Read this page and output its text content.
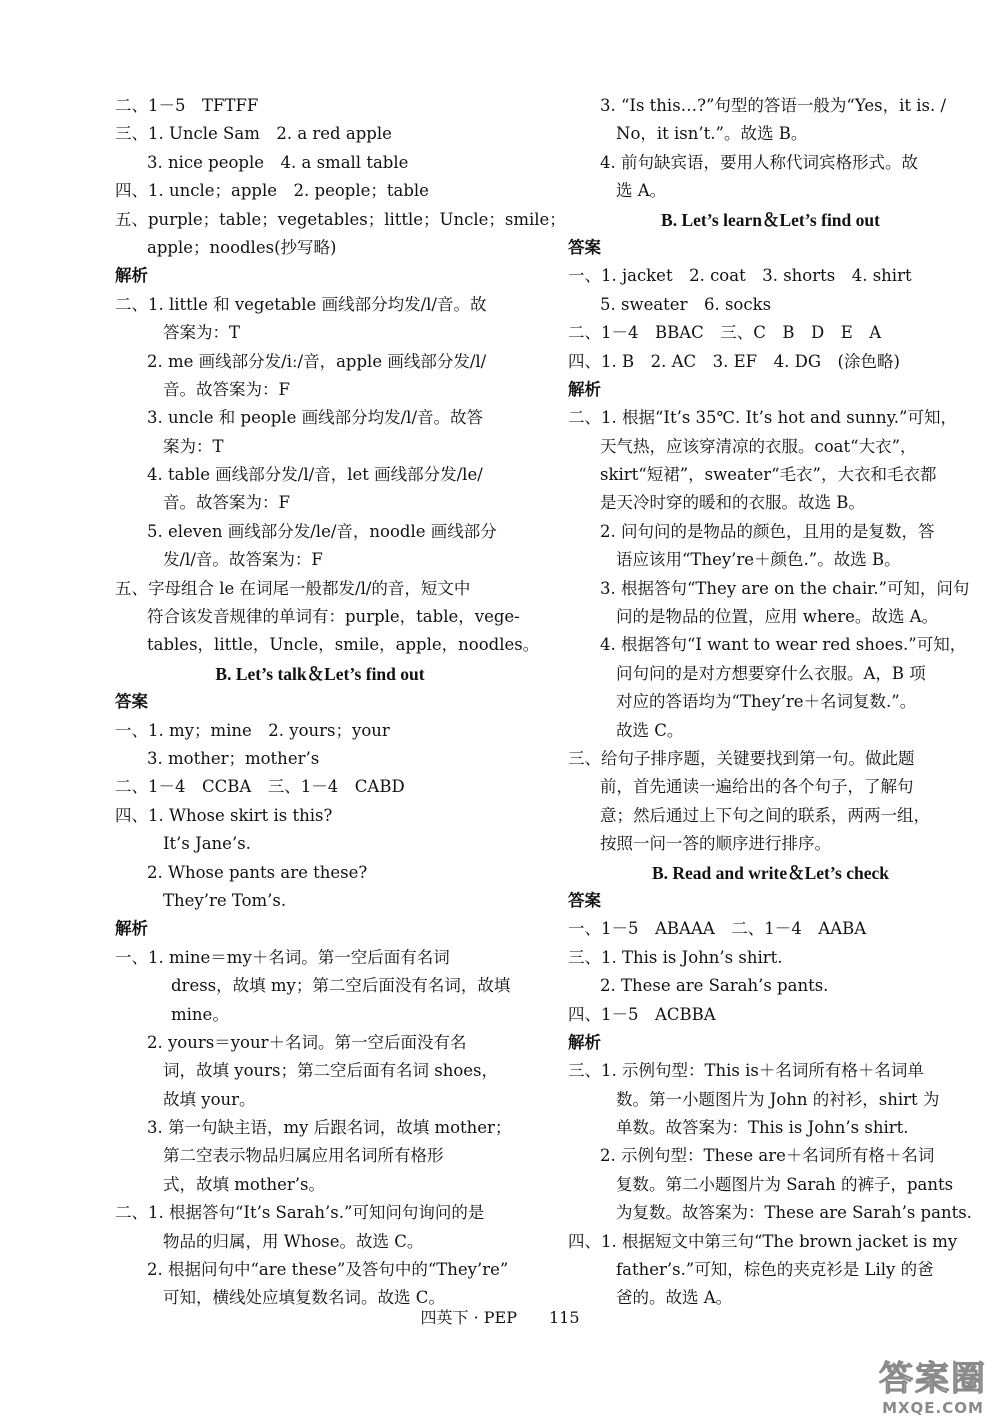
二、1－5　TFTFF
三、1. Uncle Sam　2. a red apple
3. nice people　4. a small table
四、1. uncle；apple　2. people；table
五、purple；table；vegetables；little；Uncle；smile；
apple；noodles(抄写略)
解析
二、1. little 和 vegetable 画线部分均发/l/音。故
答案为：T
2. me 画线部分发/iː/音，apple 画线部分发/l/
音。故答案为：F
3. uncle 和 people 画线部分均发/l/音。故答
案为：T
4. table 画线部分发/l/音，let 画线部分发/le/
音。故答案为：F
5. eleven 画线部分发/le/音，noodle 画线部分
发/l/音。故答案为：F
五、字母组合 le 在词尾一般都发/l/的音，短文中
符合该发音规律的单词有：purple，table，vege-
tables，little，Uncle，smile，apple，noodles。
B. Let’s talk＆Let’s find out
答案
一、1. my；mine　2. yours；your
3. mother；mother’s
二、1－4　CCBA　三、1－4　CABD
四、1. Whose skirt is this?
It’s Jane’s.
2. Whose pants are these?
They’re Tom’s.
解析
一、1. mine＝my＋名词。第一空后面有名词
dress，故填 my；第二空后面没有名词，故填
mine。
2. yours＝your＋名词。第一空后面没有名
词，故填 yours；第二空后面有名词 shoes，
故填 your。
3. 第一句缺主语，my 后跟名词，故填 mother；
第二空表示物品归属应用名词所有格形
式，故填 mother’s。
二、1. 根据答句“It’s Sarah’s.”可知问句询问的是
物品的归属，用 Whose。故选 C。
2. 根据问句中“are these”及答句中的“They’re”
可知，横线处应填复数名词。故选 C。
3. “Is this…?”句型的答语一般为“Yes，it is. /
No，it isn’t.”。故选 B。
4. 前句缺宾语，要用人称代词宾格形式。故
选 A。
B. Let’s learn＆Let’s find out
答案
一、1. jacket　2. coat　3. shorts　4. shirt
5. sweater　6. socks
二、1－4　BBAC　三、C　B　D　E　A
四、1. B　2. AC　3. EF　4. DG　(涂色略)
解析
二、1. 根据“It’s 35℃. It’s hot and sunny.”可知，
天气热，应该穿清凉的衣服。coat“大衣”，
skirt“短裙”，sweater“毛衣”，大衣和毛衣都
是天冷时穿的暖和的衣服。故选 B。
2. 问句问的是物品的颜色，且用的是复数，答
语应该用“They’re＋颜色.”。故选 B。
3. 根据答句“They are on the chair.”可知，问句
问的是物品的位置，应用 where。故选 A。
4. 根据答句“I want to wear red shoes.”可知，
问句问的是对方想要穿什么衣服。A，B 项
对应的答语均为“They’re＋名词复数.”。
故选 C。
三、给句子排序题，关键要找到第一句。做此题
前，首先通读一遍给出的各个句子，了解句
意；然后通过上下句之间的联系，两两一组，
按照一问一答的顺序进行排序。
B. Read and write＆Let’s check
答案
一、1－5　ABAAA　二、1－4　AABA
三、1. This is John’s shirt.
2. These are Sarah’s pants.
四、1－5　ACBBA
解析
三、1. 示例句型：This is＋名词所有格＋名词单
数。第一小题图片为 John 的衬衫，shirt 为
单数。故答案为：This is John’s shirt.
2. 示例句型：These are＋名词所有格＋名词
复数。第二小题图片为 Sarah 的裤子，pants
为复数。故答案为：These are Sarah’s pants.
四、1. 根据短文中第三句“The brown jacket is my
father’s.”可知，棕色的夹克衫是 Lily 的爸
爸的。故选 A。
四英下 · PEP　　115
答案圈
MXQE.COM
